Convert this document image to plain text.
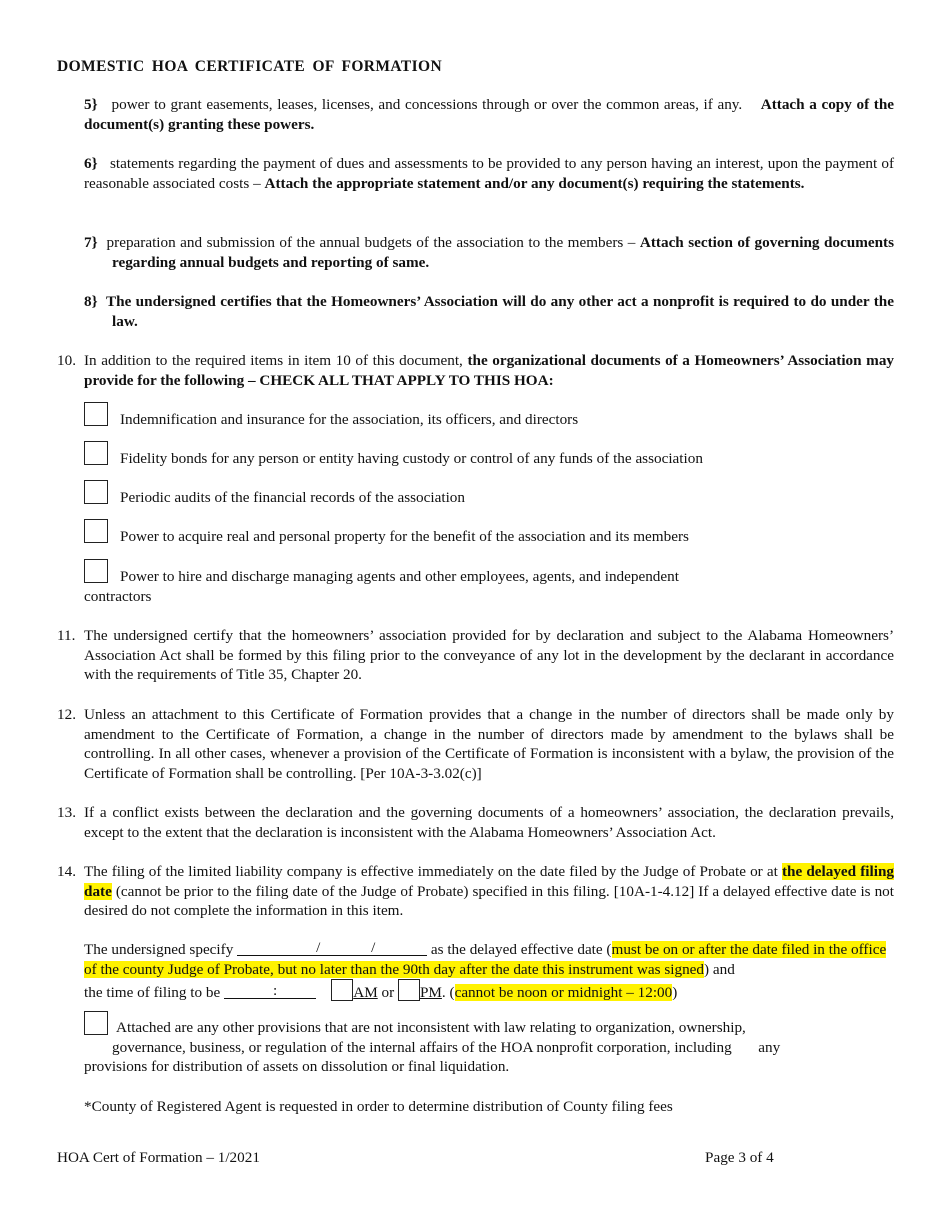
DOMESTIC HOA CERTIFICATE OF FORMATION
5} power to grant easements, leases, licenses, and concessions through or over the common areas, if any. Attach a copy of the document(s) granting these powers.
6} statements regarding the payment of dues and assessments to be provided to any person having an interest, upon the payment of reasonable associated costs – Attach the appropriate statement and/or any document(s) requiring the statements.
7} preparation and submission of the annual budgets of the association to the members – Attach section of governing documents regarding annual budgets and reporting of same.
8} The undersigned certifies that the Homeowners’ Association will do any other act a nonprofit is required to do under the law.
10. In addition to the required items in item 10 of this document, the organizational documents of a Homeowners’ Association may provide for the following – CHECK ALL THAT APPLY TO THIS HOA:
Indemnification and insurance for the association, its officers, and directors
Fidelity bonds for any person or entity having custody or control of any funds of the association
Periodic audits of the financial records of the association
Power to acquire real and personal property for the benefit of the association and its members
Power to hire and discharge managing agents and other employees, agents, and independent
contractors
11. The undersigned certify that the homeowners’ association provided for by declaration and subject to the Alabama Homeowners’ Association Act shall be formed by this filing prior to the conveyance of any lot in the development by the declarant in accordance with the requirements of Title 35, Chapter 20.
12. Unless an attachment to this Certificate of Formation provides that a change in the number of directors shall be made only by amendment to the Certificate of Formation, a change in the number of directors made by amendment to the bylaws shall be controlling. In all other cases, whenever a provision of the Certificate of Formation is inconsistent with a bylaw, the provision of the Certificate of Formation shall be controlling. [Per 10A-3-3.02(c)]
13. If a conflict exists between the declaration and the governing documents of a homeowners’ association, the declaration prevails, except to the extent that the declaration is inconsistent with the Alabama Homeowners’ Association Act.
14. The filing of the limited liability company is effective immediately on the date filed by the Judge of Probate or at the delayed filing date (cannot be prior to the filing date of the Judge of Probate) specified in this filing. [10A-1-4.12] If a delayed effective date is not desired do not complete the information in this item.
The undersigned specify	/	/	as the delayed effective date (must be on or after the date filed in the office of the county Judge of Probate, but no later than the 90th day after the date this instrument was signed) and
the time of filing to be	:	AM or PM. (cannot be noon or midnight – 12:00)
Attached are any other provisions that are not inconsistent with law relating to organization, ownership,
governance, business, or regulation of the internal affairs of the HOA nonprofit corporation, including any
provisions for distribution of assets on dissolution or final liquidation.
*County of Registered Agent is requested in order to determine distribution of County filing fees
HOA Cert of Formation – 1/2021	Page 3 of 4
